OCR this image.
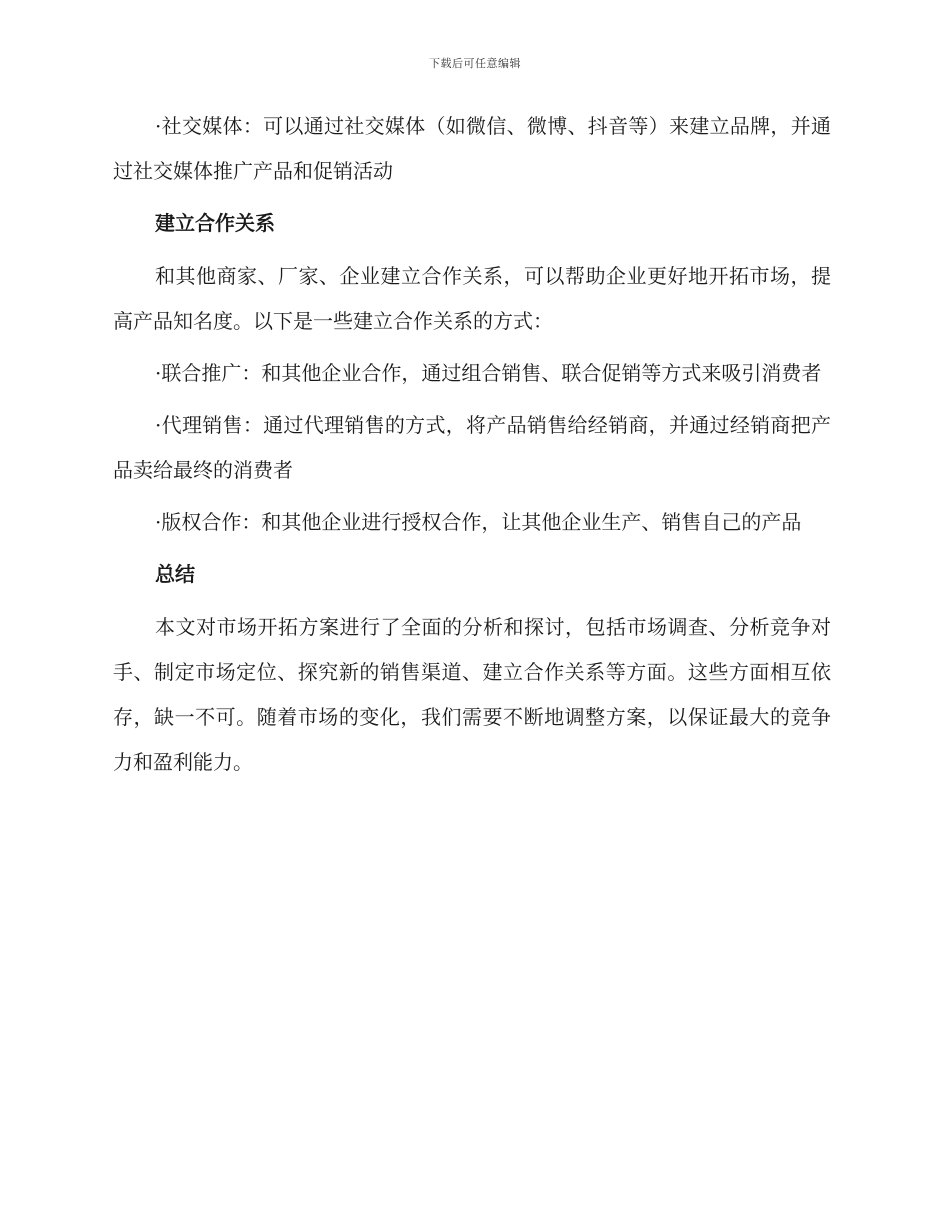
下载后可任意编辑

·社交媒体：可以通过社交媒体（如微信、微博、抖音等）来建立品牌，并通过社交媒体推广产品和促销活动

建立合作关系

和其他商家、厂家、企业建立合作关系，可以帮助企业更好地开拓市场，提高产品知名度。以下是一些建立合作关系的方式：

·联合推广：和其他企业合作，通过组合销售、联合促销等方式来吸引消费者

·代理销售：通过代理销售的方式，将产品销售给经销商，并通过经销商把产品卖给最终的消费者

·版权合作：和其他企业进行授权合作，让其他企业生产、销售自己的产品

总结

本文对市场开拓方案进行了全面的分析和探讨，包括市场调查、分析竞争对手、制定市场定位、探究新的销售渠道、建立合作关系等方面。这些方面相互依存，缺一不可。随着市场的变化，我们需要不断地调整方案，以保证最大的竞争力和盈利能力。
